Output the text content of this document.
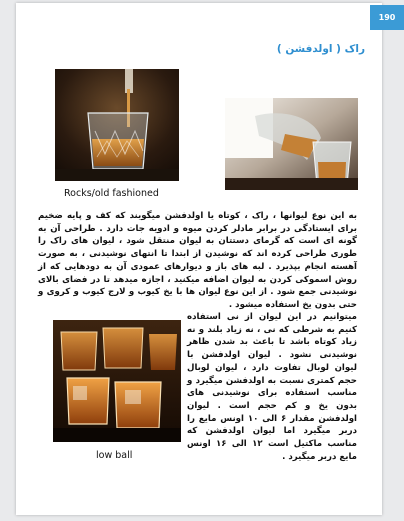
190
راک ( اولدفشن )
Rocks/old fashioned

به این نوع لیوانها ، راک ، کوتاه یا اولدفشن میگویند که کف و پایه ضخیم برای ایستادگی در برابر مادلر کردن میوه و ادویه جات دارد . طراحی آن به گونه ای است که گرمای دستتان به لیوان منتقل شود ، لیوان های راک را طوری طراحی کرده اند که نوشیدن از ابتدا تا انتهای نوشیدنی ، به صورت آهسته انجام بپذیرد . لبه های باز و دیوارهای عمودی آن به دودهایی که از روش اسموکی کردن به لیوان اضافه میکنید ، اجازه میدهد تا در فضای بالای نوشیدنی جمع شود . از این نوع لیوان ها با یخ کیوب و لارج کیوب و کروی و حتی بدون یخ استفاده میشود .

low ball

میتوانیم در این لیوان از نی استفاده کنیم به شرطی که نی ، نه زیاد بلند و نه زیاد کوتاه باشد تا باعث بد شدن ظاهر نوشیدنی نشود . لیوان اولدفشن با لیوان لوبال تفاوت دارد ، لیوان لوبال حجم کمتری نسبت به اولدفشن میگیرد و مناسب استفاده برای نوشیدنی های بدون یخ و کم حجم است . لیوان اولدفشن مقدار ۶ الی ۱۰ اونس مایع را دربر میگیرد اما لیوان اولدفشن که مناسب ماکتیل است ۱۲ الی ۱۶ اونس مایع دربر میگیرد .
